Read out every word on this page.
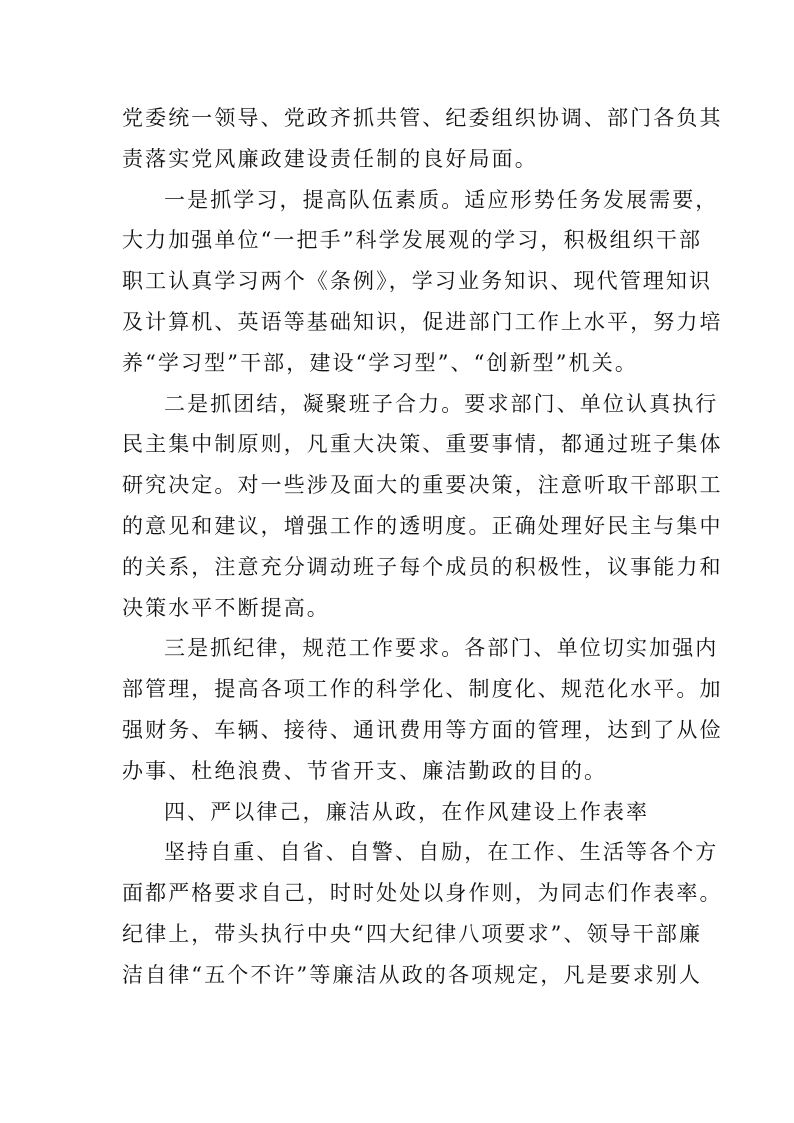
党委统一领导、党政齐抓共管、纪委组织协调、部门各负其
责落实党风廉政建设责任制的良好局面。
一是抓学习，提高队伍素质。适应形势任务发展需要，
大力加强单位“一把手”科学发展观的学习，积极组织干部
职工认真学习两个《条例》，学习业务知识、现代管理知识
及计算机、英语等基础知识，促进部门工作上水平，努力培
养“学习型”干部，建设“学习型”、“创新型”机关。
二是抓团结，凝聚班子合力。要求部门、单位认真执行
民主集中制原则，凡重大决策、重要事情，都通过班子集体
研究决定。对一些涉及面大的重要决策，注意听取干部职工
的意见和建议，增强工作的透明度。正确处理好民主与集中
的关系，注意充分调动班子每个成员的积极性，议事能力和
决策水平不断提高。
三是抓纪律，规范工作要求。各部门、单位切实加强内
部管理，提高各项工作的科学化、制度化、规范化水平。加
强财务、车辆、接待、通讯费用等方面的管理，达到了从俭
办事、杜绝浪费、节省开支、廉洁勤政的目的。
四、严以律己，廉洁从政，在作风建设上作表率
坚持自重、自省、自警、自励，在工作、生活等各个方
面都严格要求自己，时时处处以身作则，为同志们作表率。
纪律上，带头执行中央“四大纪律八项要求”、领导干部廉
洁自律“五个不许”等廉洁从政的各项规定，凡是要求别人
